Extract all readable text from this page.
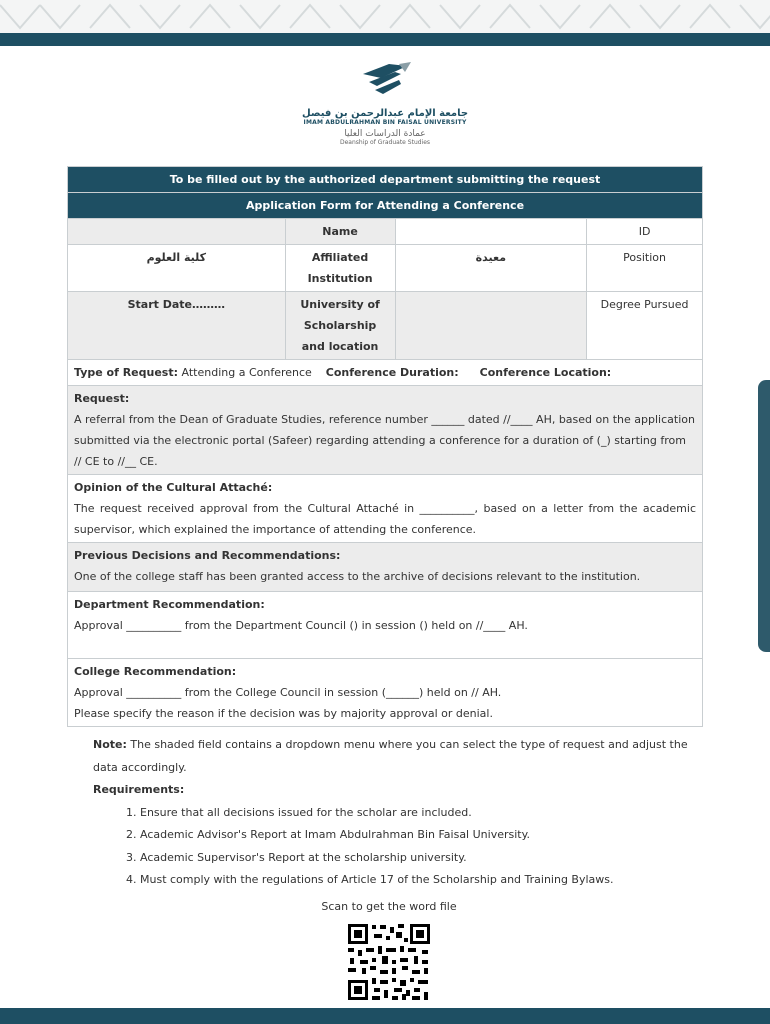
جامعة الإمام عبدالرحمن بن فيصل
IMAM ABDULRAHMAN BIN FAISAL UNIVERSITY
عمادة الدراسات العليا
Deanship of Graduate Studies
To be filled out by the authorized department submitting the request			
Application Form for Attending a Conference			
	Name		ID
كلية العلوم	Affiliated Institution	معيدة	Position
Start Date………	University of Scholarship and location		Degree Pursued
Type of Request: Attending a Conference Conference Duration: Conference Location:			

Request:
A referral from the Dean of Graduate Studies, reference number ______ dated //____ AH, based on the application submitted via the electronic portal (Safeer) regarding attending a conference for a duration of (_) starting from // CE to //__ CE.			

Opinion of the Cultural Attaché:
The request received approval from the Cultural Attaché in __________, based on a letter from the academic supervisor, which explained the importance of attending the conference.			

Previous Decisions and Recommendations:
One of the college staff has been granted access to the archive of decisions relevant to the institution.			

Department Recommendation:
Approval __________ from the Department Council () in session () held on //____ AH.			

College Recommendation:
Approval __________ from the College Council in session (______) held on // AH.
Please specify the reason if the decision was by majority approval or denial.			
Note: The shaded field contains a dropdown menu where you can select the type of request and adjust the data accordingly.
Requirements:
1. Ensure that all decisions issued for the scholar are included.
2. Academic Advisor's Report at Imam Abdulrahman Bin Faisal University.
3. Academic Supervisor's Report at the scholarship university.
4. Must comply with the regulations of Article 17 of the Scholarship and Training Bylaws.
Scan to get the word file
